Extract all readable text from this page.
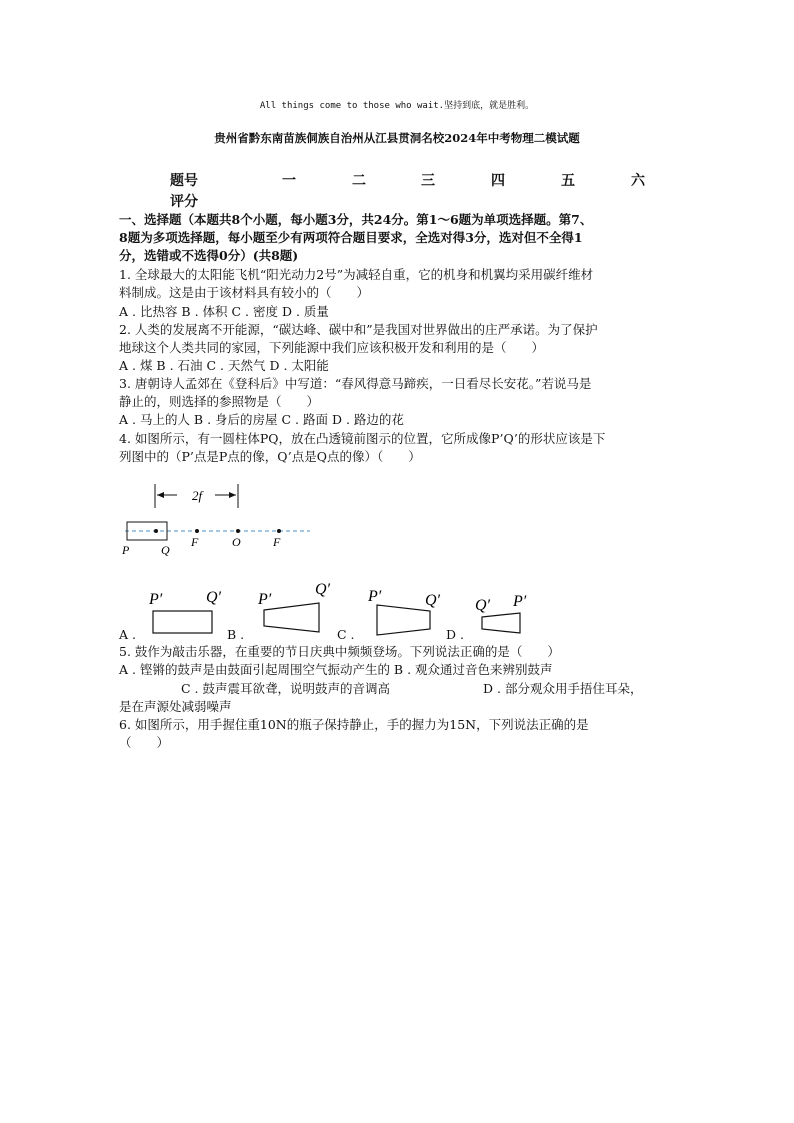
All things come to those who wait.坚持到底，就是胜利。
贵州省黔东南苗族侗族自治州从江县贯洞名校2024年中考物理二模试题
题号	一	二	三	四	五	六
评分
一、选择题（本题共8个小题，每小题3分，共24分。第1～6题为单项选择题。第7、
8题为多项选择题，每小题至少有两项符合题目要求，全选对得3分，选对但不全得1
分，选错或不选得0分）(共8题)
1. 全球最大的太阳能飞机“阳光动力2号”为减轻自重，它的机身和机翼均采用碳纤维材
料制成。这是由于该材料具有较小的（　　）
A . 比热容 B . 体积 C . 密度 D . 质量
2. 人类的发展离不开能源，“碳达峰、碳中和”是我国对世界做出的庄严承诺。为了保护
地球这个人类共同的家园，下列能源中我们应该积极开发和利用的是（　　）
A . 煤 B . 石油 C . 天然气 D . 太阳能
3. 唐朝诗人孟郊在《登科后》中写道：“春风得意马蹄疾，一日看尽长安花。”若说马是
静止的，则选择的参照物是（　　）
A . 马上的人 B . 身后的房屋 C . 路面 D . 路边的花
4. 如图所示，有一圆柱体PQ，放在凸透镜前图示的位置，它所成像P’Q’的形状应该是下
列图中的（P’点是P点的像，Q’点是Q点的像）（　　）
2f
P	Q
F	O	F
A .
P′	Q′
B .
P′
Q′
C .
P′	Q′
D .
Q′ P′
5. 鼓作为敲击乐器，在重要的节日庆典中频频登场。下列说法正确的是（　　）
A . 铿锵的鼓声是由鼓面引起周围空气振动产生的 B . 观众通过音色来辨别鼓声
C . 鼓声震耳欲聋，说明鼓声的音调高	D . 部分观众用手捂住耳朵，
是在声源处减弱噪声
6. 如图所示，用手握住重10N的瓶子保持静止，手的握力为15N，下列说法正确的是
（　　）
